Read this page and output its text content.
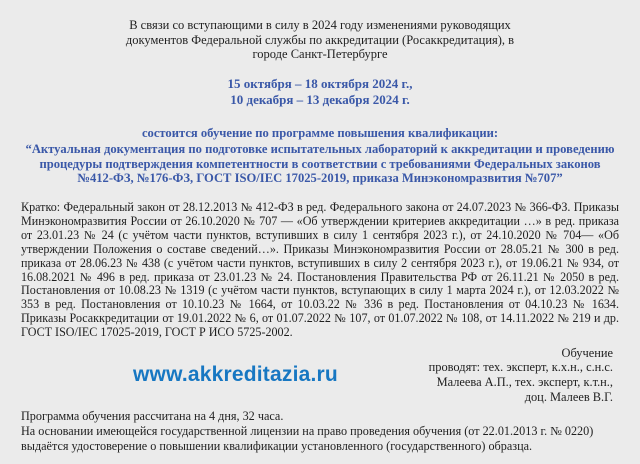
В связи со вступающими в силу в 2024 году изменениями руководящих документов Федеральной службы по аккредитации (Росаккредитация), в городе Санкт-Петербурге
15 октября – 18 октября 2024 г.,
10 декабря – 13 декабря 2024 г.
состоится обучение по программе повышения квалификации:
“Актуальная документация по подготовке испытательных лабораторий к аккредитации и проведению процедуры подтверждения компетентности в соответствии с требованиями Федеральных законов №412-ФЗ, №176-ФЗ, ГОСТ ISO/IEC 17025-2019, приказа Минэкономразвития №707”
Кратко: Федеральный закон от 28.12.2013 № 412-ФЗ в ред. Федерального закона от 24.07.2023 № 366-ФЗ. Приказы Минэкономразвития России от 26.10.2020 № 707 — «Об утверждении критериев аккредитации …» в ред. приказа от 23.01.23 № 24 (с учётом части пунктов, вступивших в силу 1 сентября 2023 г.), от 24.10.2020 № 704— «Об утверждении Положения о составе сведений…». Приказы Минэкономразвития России от 28.05.21 № 300 в ред. приказа от 28.06.23 № 438 (с учётом части пунктов, вступивших в силу 2 сентября 2023 г.), от 19.06.21 № 934, от 16.08.2021 № 496 в ред. приказа от 23.01.23 № 24. Постановления Правительства РФ от 26.11.21 № 2050 в ред. Постановления от 10.08.23 № 1319 (с учётом части пунктов, вступающих в силу 1 марта 2024 г.), от 12.03.2022 № 353 в ред. Постановления от 10.10.23 № 1664, от 10.03.22 № 336 в ред. Постановления от 04.10.23 № 1634. Приказы Росаккредитации от 19.01.2022 № 6, от 01.07.2022 № 107, от 01.07.2022 № 108, от 14.11.2022 № 219 и др. ГОСТ ISO/IEC 17025-2019, ГОСТ Р ИСО 5725-2002.
www.akkreditazia.ru
Обучение
проводят: тех. эксперт, к.х.н., с.н.с.
Малеева А.П., тех. эксперт, к.т.н.,
доц. Малеев В.Г.
Программа обучения рассчитана на 4 дня, 32 часа.
На основании имеющейся государственной лицензии на право проведения обучения (от 22.01.2013 г. № 0220) выдаётся удостоверение о повышении квалификации установленного (государственного) образца.
